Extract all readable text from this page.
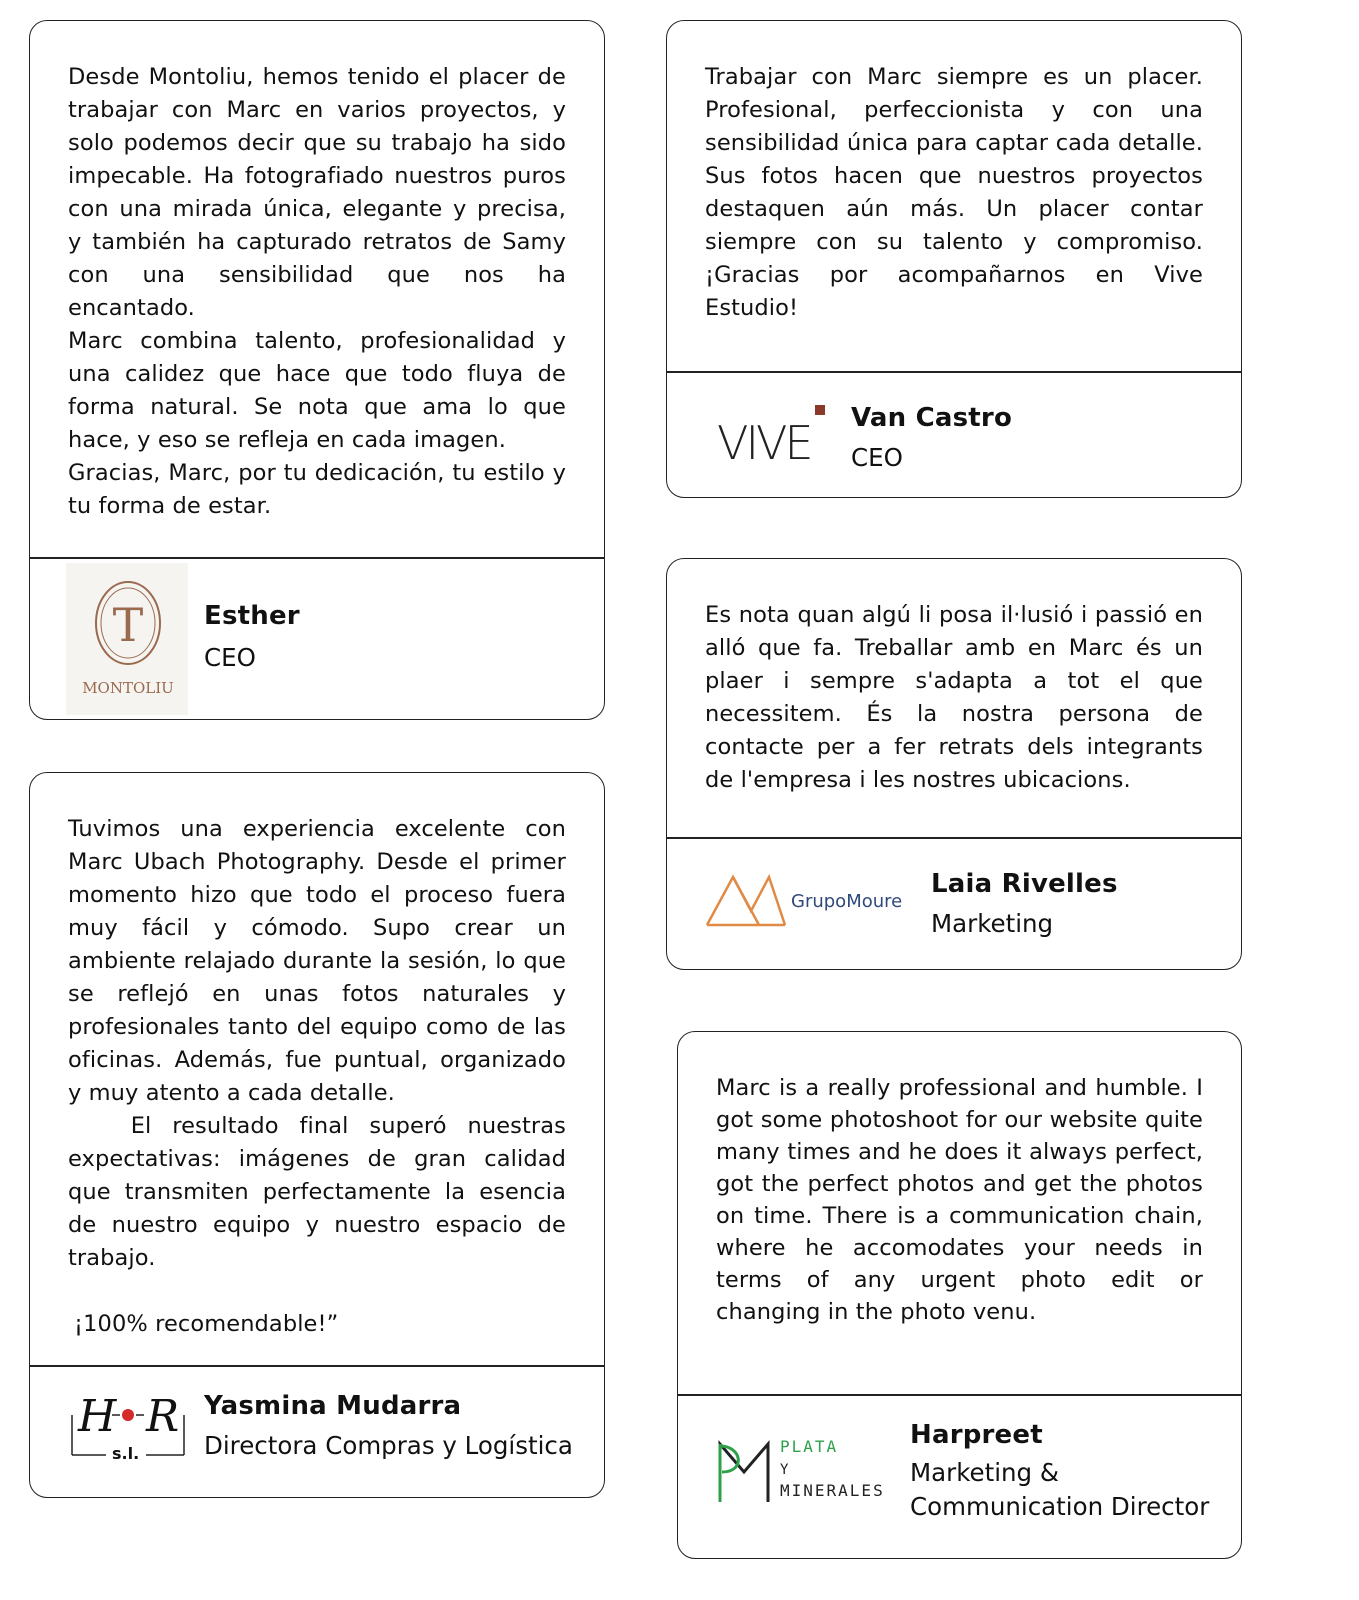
Desde Montoliu, hemos tenido el placer de trabajar con Marc en varios proyectos, y solo podemos decir que su trabajo ha sido impecable. Ha fotografiado nuestros puros con una mirada única, elegante y precisa, y también ha capturado retratos de Samy con una sensibilidad que nos ha encantado.

Marc combina talento, profesionalidad y una calidez que hace que todo fluya de forma natural. Se nota que ama lo que hace, y eso se refleja en cada imagen.

Gracias, Marc, por tu dedicación, tu estilo y tu forma de estar.

T
MONTOLIU
Esther
CEO

Trabajar con Marc siempre es un placer. Profesional, perfeccionista y con una sensibilidad única para captar cada detalle. Sus fotos hacen que nuestros proyectos destaquen aún más. Un placer contar siempre con su talento y compromiso. ¡Gracias por acompañarnos en Vive Estudio!

VIVE Van Castro
CEO

Es nota quan algú li posa il·lusió i passió en alló que fa. Treballar amb en Marc és un plaer i sempre s'adapta a tot el que necessitem. És la nostra persona de contacte per a fer retrats dels integrants de l'empresa i les nostres ubicacions.

GrupoMoure
Laia Rivelles
Marketing

Tuvimos una experiencia excelente con Marc Ubach Photography. Desde el primer momento hizo que todo el proceso fuera muy fácil y cómodo. Supo crear un ambiente relajado durante la sesión, lo que se reflejó en unas fotos naturales y profesionales tanto del equipo como de las oficinas. Además, fue puntual, organizado y muy atento a cada detalle.

El resultado final superó nuestras expectativas: imágenes de gran calidad que transmiten perfectamente la esencia de nuestro equipo y nuestro espacio de trabajo.

¡100% recomendable!”

H R
s.l.
Yasmina Mudarra
Directora Compras y Logística

Marc is a really professional and humble. I got some photoshoot for our website quite many times and he does it always perfect, got the perfect photos and get the photos on time. There is a communication chain, where he accomodates your needs in terms of any urgent photo edit or changing in the photo venu.

PLATA
Y
MINERALES
Harpreet
Marketing & Communication Director
